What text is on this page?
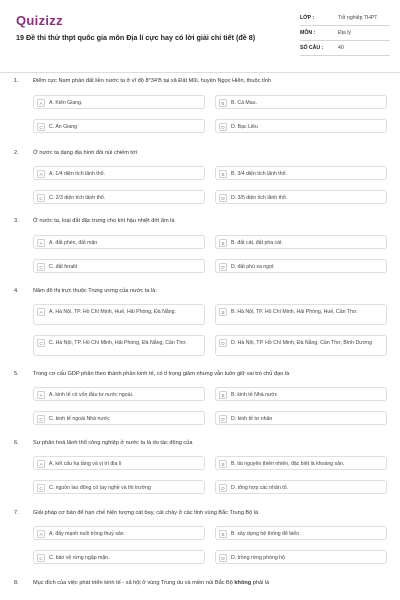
Quizizz
19 Đề thi thử thpt quốc gia môn Địa lí cực hay có lời giải chi tiết (đề 8)
LỚP :	Tốt nghiệp THPT
MÔN :	Địa lý
SỐ CÂU :	40
1.	Điểm cực Nam phần đất liền nước ta ở vĩ độ 8°34'B tại xã Đất Mũi, huyện Ngọc Hiển, thuộc tỉnh
A	A. Kiên Giang.	B	B. Cà Mau.
C	C. An Giang	D	D. Bạc Liêu
2.	Ở nước ta dạng địa hình đồi núi chiếm tới
A	A. 1/4 diện tích lãnh thổ.	B	B. 3/4 diện tích lãnh thổ.
C	C. 2/3 diện tích lãnh thổ.	D	D. 3/5 diện tích lãnh thổ.
3.	Ở nước ta, loại đất đặc trưng cho khí hậu nhiệt đới ẩm là
A	A. đất phèn, đất mặn	B	B. đất cát, đất pha cát.
C	C. đất feralit	D	D. đất phù sa ngọt.
4.	Năm đô thị trực thuộc Trung ương của nước ta là:
A	A. Hà Nội, TP. Hồ Chí Minh, Huế, Hải Phòng, Đà Nẵng.	B	B. Hà Nội, TP. Hồ Chí Minh, Hải Phòng, Huế, Cần Thơ.
C	C. Hà Nội, TP. Hồ Chí Minh, Hải Phòng, Đà Nẵng, Cần Thơ.	D	D. Hà Nội, TP. Hồ Chí Minh, Đà Nẵng, Cần Thơ, Bình Dương
5.	Trong cơ cấu GDP phân theo thành phần kinh tế, có tỉ trọng giảm nhưng vẫn luôn giữ vai trò chủ đạo là
A	A. kinh tế có vốn đầu tư nước ngoài.	B	B. kinh tế Nhà nước
C	C. kinh tế ngoài Nhà nước	D	D. kinh tế tư nhân
6.	Sự phân hoá lãnh thổ công nghiệp ở nước ta là do tác động của
A	A. kết cấu hạ tầng và vị trí địa lí	B	B. tài nguyên thiên nhiên, đặc biệt là khoáng sản.
C	C. nguồn lao động có tay nghề và thị trường	D	D. tổng hợp các nhân tố.
7.	Giải pháp cơ bản để hạn chế hiện tượng cát bay, cát chảy ở các tỉnh vùng Bắc Trung Bộ là
A	A. đẩy mạnh nuôi trồng thuỷ sản	B	B. xây dựng hệ thống đê biển.
C	C. bảo vệ rừng ngập mặn.	D	D. trồng rừng phòng hộ
8.	Mục đích của việc phát triển kinh tế - xã hội ở vùng Trung du và miền núi Bắc Bộ không phải là
